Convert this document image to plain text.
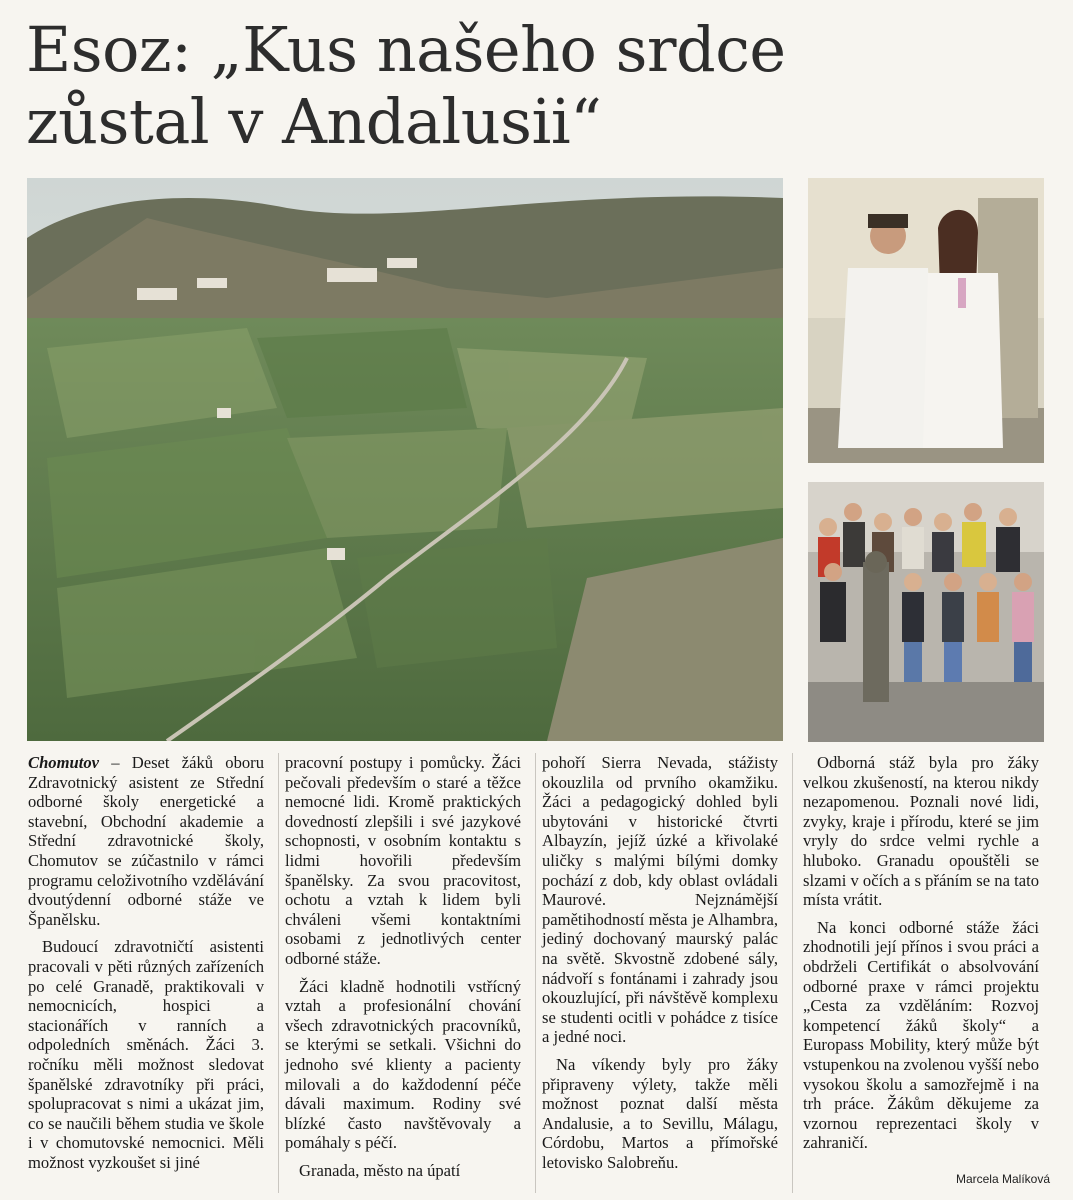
Esoz: „Kus našeho srdce
zůstal v Andalusii“

Chomutov – Deset žáků oboru Zdravotnický asistent ze Střední odborné školy energetické a stavební, Obchodní akademie a Střední zdravotnické školy, Chomutov se zúčastnilo v rámci programu celoživotního vzdělávání dvoutýdenní odborné stáže ve Španělsku.

Budoucí zdravotničtí asistenti pracovali v pěti různých zařízeních po celé Granadě, praktikovali v nemocnicích, hospici a stacionářích v ranních a odpoledních směnách. Žáci 3. ročníku měli možnost sledovat španělské zdravotníky při práci, spolupracovat s nimi a ukázat jim, co se naučili během studia ve škole i v chomutovské nemocnici. Měli možnost vyzkoušet si jiné

pracovní postupy i pomůcky. Žáci pečovali především o staré a těžce nemocné lidi. Kromě praktických dovedností zlepšili i své jazykové schopnosti, v osobním kontaktu s lidmi hovořili především španělsky. Za svou pracovitost, ochotu a vztah k lidem byli chváleni všemi kontaktními osobami z jednotlivých center odborné stáže.

Žáci kladně hodnotili vstřícný vztah a profesionální chování všech zdravotnických pracovníků, se kterými se setkali. Všichni do jednoho své klienty a pacienty milovali a do každodenní péče dávali maximum. Rodiny své blízké často navštěvovaly a pomáhaly s péčí.

Granada, město na úpatí

pohoří Sierra Nevada, stážisty okouzlila od prvního okamžiku. Žáci a pedagogický dohled byli ubytováni v historické čtvrti Albayzín, jejíž úzké a křivolaké uličky s malými bílými domky pochází z dob, kdy oblast ovládali Maurové. Nejznámější pamětihodností města je Alhambra, jediný dochovaný maurský palác na světě. Skvostně zdobené sály, nádvoří s fontánami i zahrady jsou okouzlující, při návštěvě komplexu se studenti ocitli v pohádce z tisíce a jedné noci.

Na víkendy byly pro žáky připraveny výlety, takže měli možnost poznat další města Andalusie, a to Sevillu, Málagu, Córdobu, Martos a přímořské letovisko Salobreňu.

Odborná stáž byla pro žáky velkou zkušeností, na kterou nikdy nezapomenou. Poznali nové lidi, zvyky, kraje i přírodu, které se jim vryly do srdce velmi rychle a hluboko. Granadu opouštěli se slzami v očích a s přáním se na tato místa vrátit.

Na konci odborné stáže žáci zhodnotili její přínos i svou práci a obdrželi Certifikát o absolvování odborné praxe v rámci projektu „Cesta za vzděláním: Rozvoj kompetencí žáků školy“ a Europass Mobility, který může být vstupenkou na zvolenou vyšší nebo vysokou školu a samozřejmě i na trh práce. Žákům děkujeme za vzornou reprezentaci školy v zahraničí.

Marcela Malíková
